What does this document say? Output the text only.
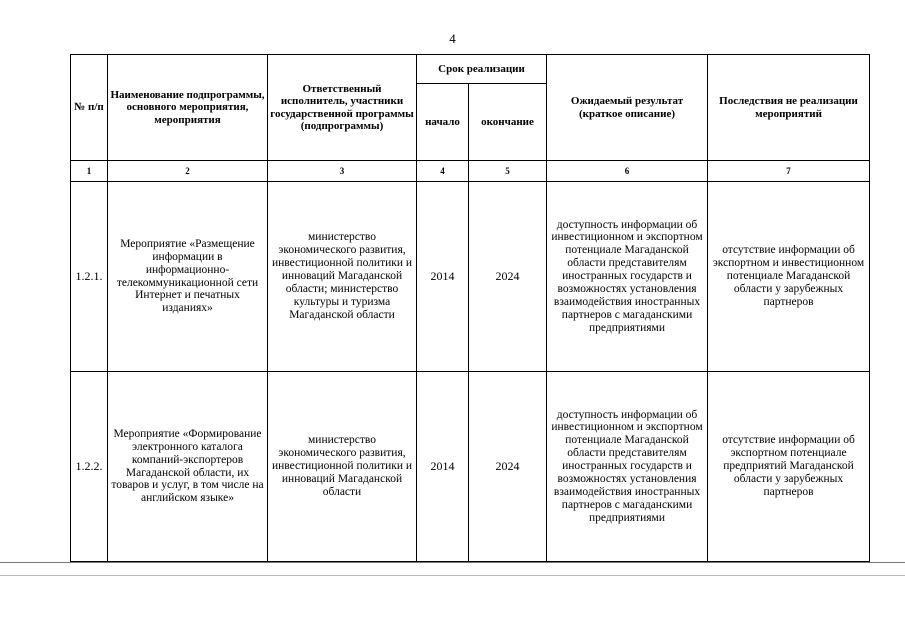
4
№ п/п	Наименование подпрограммы, основного мероприятия, мероприятия	Ответственный исполнитель, участники государственной программы (подпрограммы)	Срок реализации		Ожидаемый результат (краткое описание)	Последствия не реализации мероприятий
			начало	окончание		
1	2	3	4	5	6	7
1.2.1.	Мероприятие «Размещение информации в информационно-телекоммуникационной сети Интернет и печатных изданиях»	министерство экономического развития, инвестиционной политики и инноваций Магаданской области; министерство культуры и туризма Магаданской области	2014	2024	доступность информации об инвестиционном и экспортном потенциале Магаданской области представителям иностранных государств и возможностях установления взаимодействия иностранных партнеров с магаданскими предприятиями	отсутствие информации об экспортном и инвестиционном потенциале Магаданской области у зарубежных партнеров
1.2.2.	Мероприятие «Формирование электронного каталога компаний-экспортеров Магаданской области, их товаров и услуг, в том числе на английском языке»	министерство экономического развития, инвестиционной политики и инноваций Магаданской области	2014	2024	доступность информации об инвестиционном и экспортном потенциале Магаданской области представителям иностранных государств и возможностях установления взаимодействия иностранных партнеров с магаданскими предприятиями	отсутствие информации об экспортном потенциале предприятий Магаданской области у зарубежных партнеров
